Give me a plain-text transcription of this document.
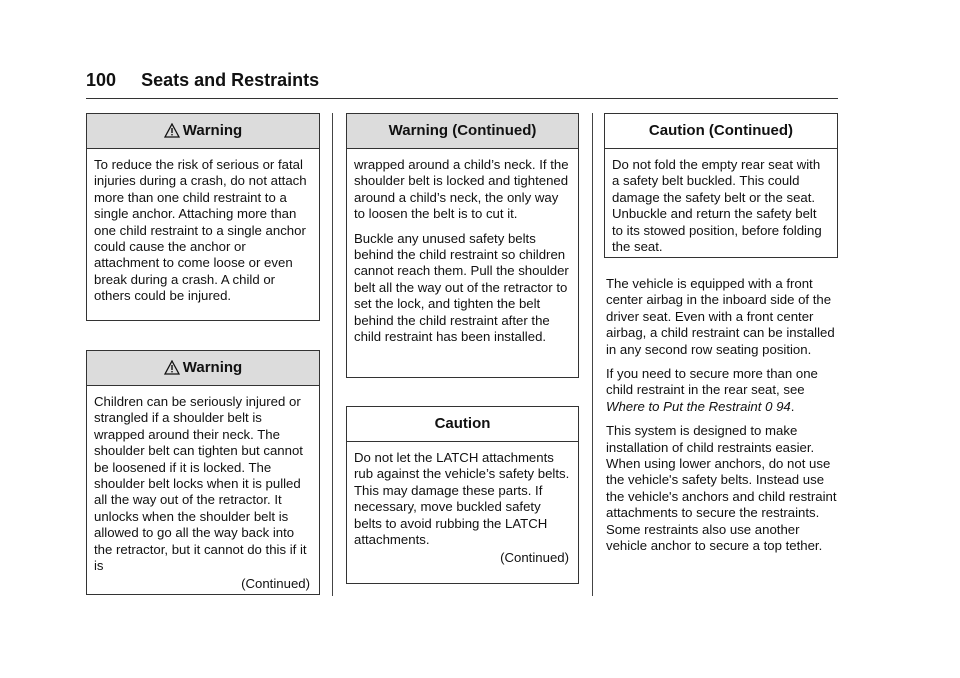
100 Seats and Restraints
Warning

To reduce the risk of serious or fatal injuries during a crash, do not attach more than one child restraint to a single anchor. Attaching more than one child restraint to a single anchor could cause the anchor or attachment to come loose or even break during a crash. A child or others could be injured.

Warning

Children can be seriously injured or strangled if a shoulder belt is wrapped around their neck. The shoulder belt can tighten but cannot be loosened if it is locked. The shoulder belt locks when it is pulled all the way out of the retractor. It unlocks when the shoulder belt is allowed to go all the way back into the retractor, but it cannot do this if it is

(Continued)
Warning (Continued)

wrapped around a child’s neck. If the shoulder belt is locked and tightened around a child’s neck, the only way to loosen the belt is to cut it.

Buckle any unused safety belts behind the child restraint so children cannot reach them. Pull the shoulder belt all the way out of the retractor to set the lock, and tighten the belt behind the child restraint after the child restraint has been installed.

Caution

Do not let the LATCH attachments rub against the vehicle’s safety belts. This may damage these parts. If necessary, move buckled safety belts to avoid rubbing the LATCH attachments.

(Continued)
Caution (Continued)

Do not fold the empty rear seat with a safety belt buckled. This could damage the safety belt or the seat. Unbuckle and return the safety belt to its stowed position, before folding the seat.

The vehicle is equipped with a front center airbag in the inboard side of the driver seat. Even with a front center airbag, a child restraint can be installed in any second row seating position.

If you need to secure more than one child restraint in the rear seat, see Where to Put the Restraint 0 94.

This system is designed to make installation of child restraints easier. When using lower anchors, do not use the vehicle's safety belts. Instead use the vehicle's anchors and child restraint attachments to secure the restraints. Some restraints also use another vehicle anchor to secure a top tether.
